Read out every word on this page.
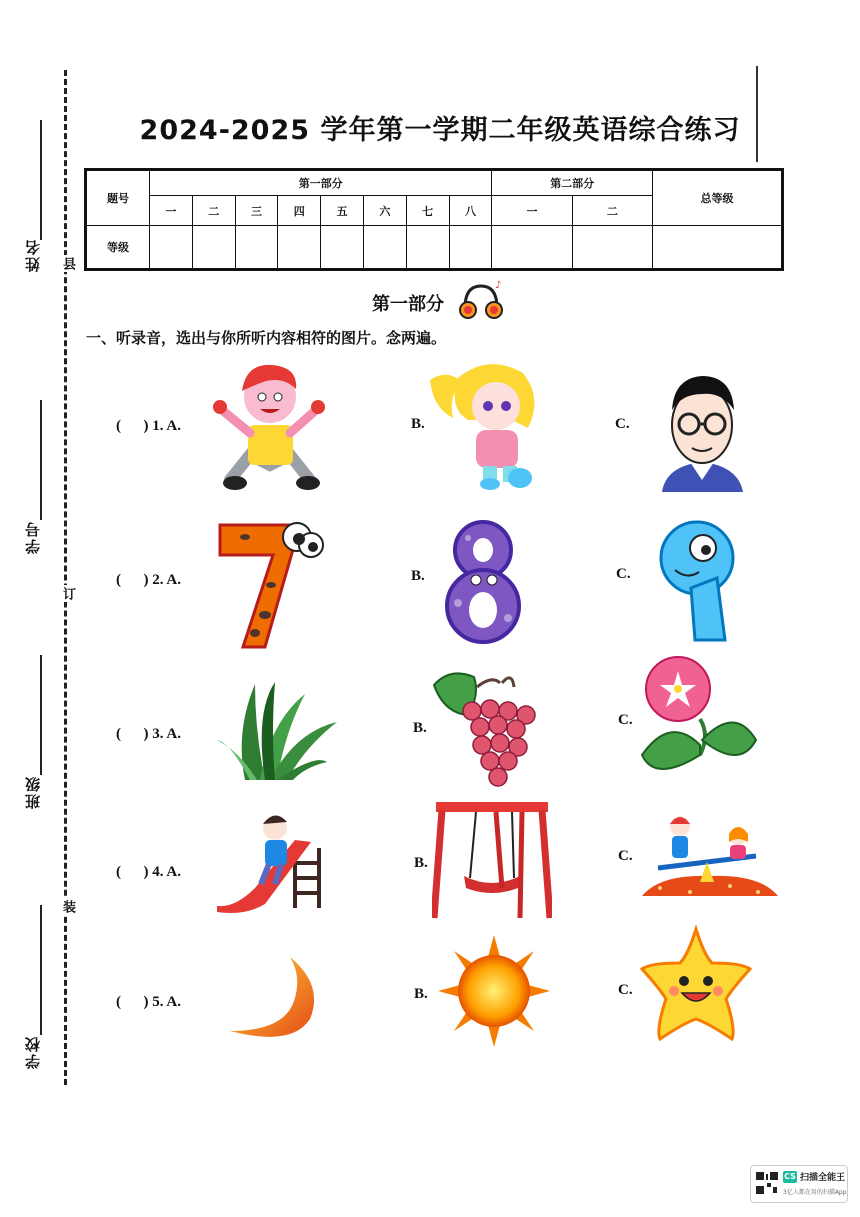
姓名
学号
班级
学校
县
订
装
2024-2025 学年第一学期二年级英语综合练习
题号	第一部分								第二部分		总等级
	一	二	三	四	五	六	七	八	一	二	
等级											
第一部分
♪
一、听录音，选出与你所听内容相符的图片。念两遍。
(      ) 1. A.	B.	C.
(      ) 2. A.	B.	C.
(      ) 3. A.	B.	C.
(      ) 4. A.
B.	C.
(      ) 5. A.	B.	C.
CS 扫描全能王
3亿人都在用的扫描App
